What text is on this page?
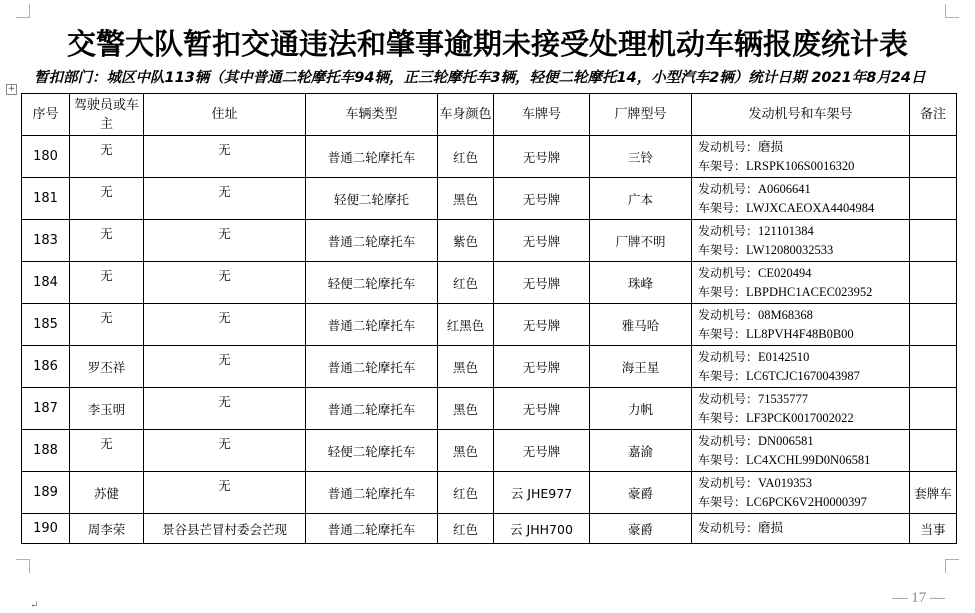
交警大队暂扣交通违法和肇事逾期未接受处理机动车辆报废统计表
暂扣部门：城区中队113辆（其中普通二轮摩托车94辆，正三轮摩托车3辆，轻便二轮摩托14，小型汽车2辆）统计日期 2021年8月24日
+
序号	驾驶员或车主	住址	车辆类型	车身颜色	车牌号	厂牌型号	发动机号和车架号	备注
180	无	无	普通二轮摩托车	红色	无号牌	三铃	发动机号：磨损
车架号：LRSPK106S0016320	

181	无	无	轻便二轮摩托	黑色	无号牌	广本	发动机号：A0606641
车架号：LWJXCAEOXA4404984	

183	无	无	普通二轮摩托车	紫色	无号牌	厂牌不明	发动机号：121101384
车架号：LW12080032533	

184	无	无	轻便二轮摩托车	红色	无号牌	珠峰	发动机号：CE020494
车架号：LBPDHC1ACEC023952	

185	无	无	普通二轮摩托车	红黑色	无号牌	雅马哈	发动机号：08M68368
车架号：LL8PVH4F48B0B00	

186	罗丕祥	无	普通二轮摩托车	黑色	无号牌	海王星	发动机号：E0142510
车架号：LC6TCJC1670043987	

187	李玉明	无	普通二轮摩托车	黑色	无号牌	力帆	发动机号：71535777
车架号：LF3PCK0017002022	

188	无	无	轻便二轮摩托车	黑色	无号牌	嘉渝	发动机号：DN006581
车架号：LC4XCHL99D0N06581	

189	苏健	无	普通二轮摩托车	红色	云 JHE977	豪爵	发动机号：VA019353
车架号：LC6PCK6V2H0000397	套牌车
190	周李荣	景谷县芒冒村委会芒现	普通二轮摩托车	红色	云 JHH700	豪爵	发动机号：磨损	当事
— 17 —
↵
